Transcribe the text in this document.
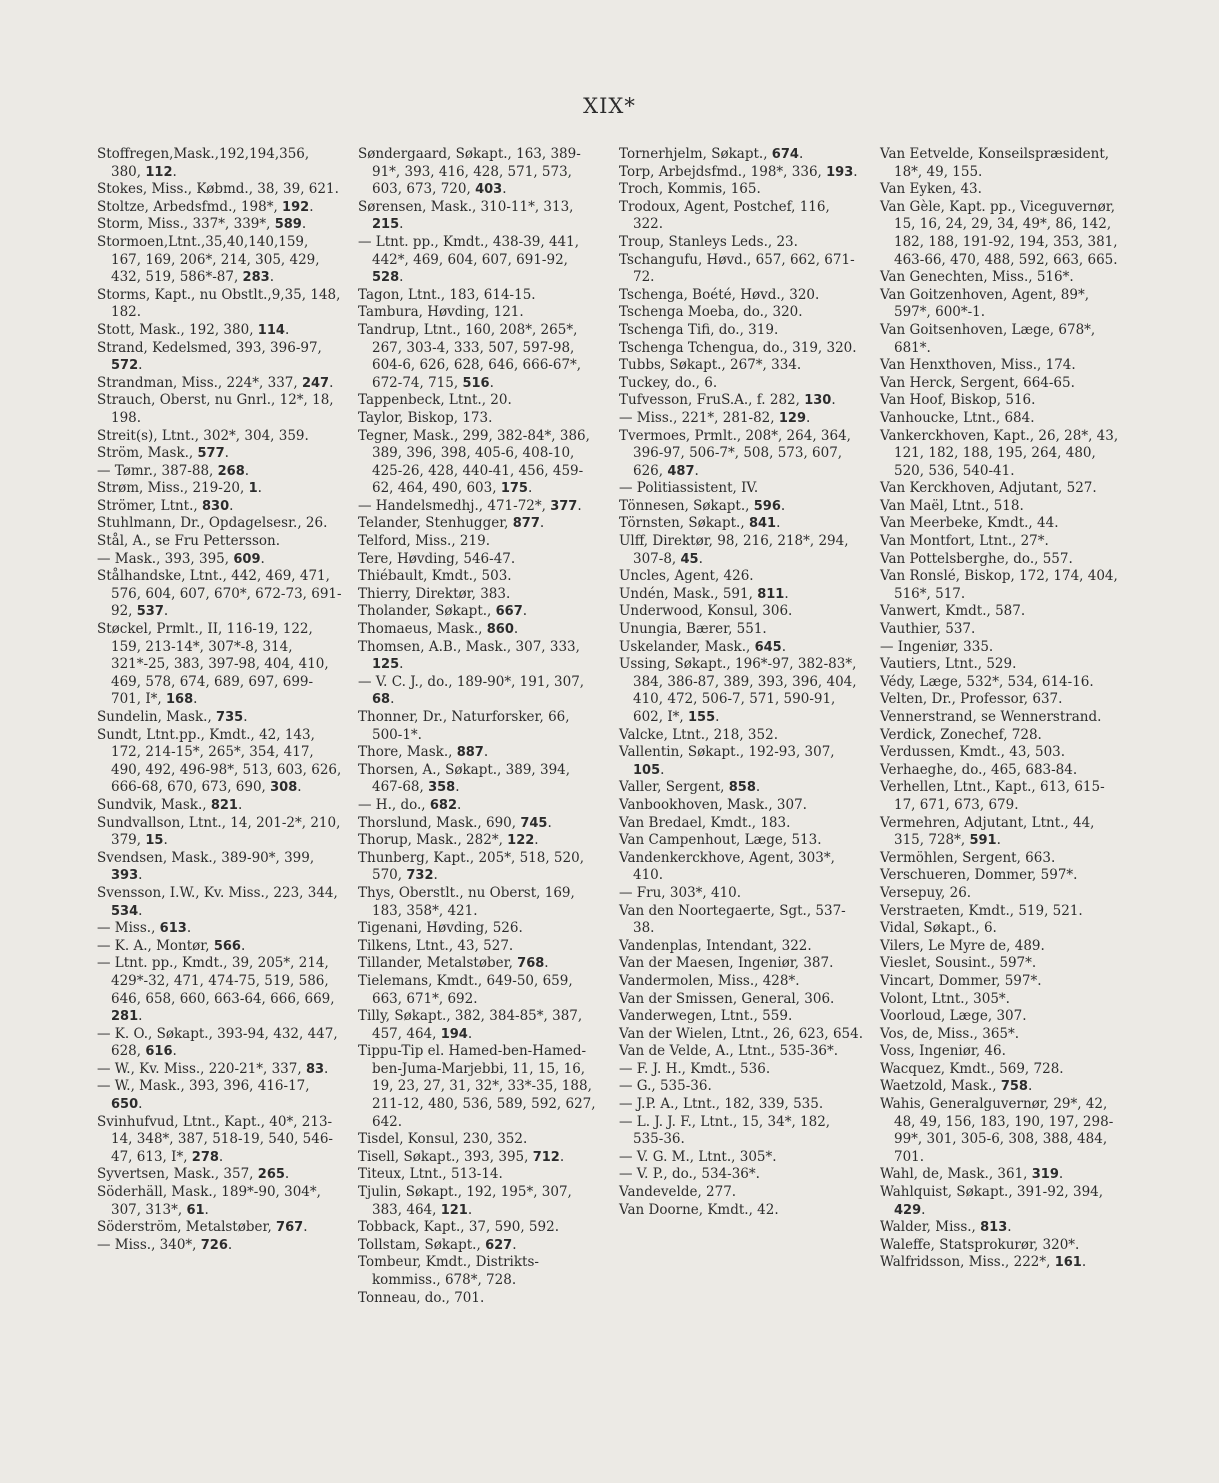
XIX*
Stoffregen,Mask.,192,194,356, 380, 112.
Stokes, Miss., Købmd., 38, 39, 621.
Stoltze, Arbedsfmd., 198*, 192.
Storm, Miss., 337*, 339*, 589.
Stormoen,Ltnt.,35,40,140,159, 167, 169, 206*, 214, 305, 429, 432, 519, 586*-87, 283.
Storms, Kapt., nu Obstlt.,9,35, 148, 182.
Stott, Mask., 192, 380, 114.
Strand, Kedelsmed, 393, 396-97, 572.
Strandman, Miss., 224*, 337, 247.
Strauch, Oberst, nu Gnrl., 12*, 18, 198.
Streit(s), Ltnt., 302*, 304, 359.
Ström, Mask., 577.
— Tømr., 387-88, 268.
Strøm, Miss., 219-20, 1.
Strömer, Ltnt., 830.
Stuhlmann, Dr., Opdagelsesr., 26.
Stål, A., se Fru Pettersson.
— Mask., 393, 395, 609.
Stålhandske, Ltnt., 442, 469, 471, 576, 604, 607, 670*, 672-73, 691-92, 537.
Støckel, Prmlt., II, 116-19, 122, 159, 213-14*, 307*-8, 314, 321*-25, 383, 397-98, 404, 410, 469, 578, 674, 689, 697, 699-701, I*, 168.
Sundelin, Mask., 735.
Sundt, Ltnt.pp., Kmdt., 42, 143, 172, 214-15*, 265*, 354, 417, 490, 492, 496-98*, 513, 603, 626, 666-68, 670, 673, 690, 308.
Sundvik, Mask., 821.
Sundvallson, Ltnt., 14, 201-2*, 210, 379, 15.
Svendsen, Mask., 389-90*, 399, 393.
Svensson, I.W., Kv. Miss., 223, 344, 534.
— Miss., 613.
— K. A., Montør, 566.
— Ltnt. pp., Kmdt., 39, 205*, 214, 429*-32, 471, 474-75, 519, 586, 646, 658, 660, 663-64, 666, 669, 281.
— K. O., Søkapt., 393-94, 432, 447, 628, 616.
— W., Kv. Miss., 220-21*, 337, 83.
— W., Mask., 393, 396, 416-17, 650.
Svinhufvud, Ltnt., Kapt., 40*, 213-14, 348*, 387, 518-19, 540, 546-47, 613, I*, 278.
Syvertsen, Mask., 357, 265.
Söderhäll, Mask., 189*-90, 304*, 307, 313*, 61.
Söderström, Metalstøber, 767.
— Miss., 340*, 726.
Søndergaard, Søkapt., 163, 389-91*, 393, 416, 428, 571, 573, 603, 673, 720, 403.
Sørensen, Mask., 310-11*, 313, 215.
— Ltnt. pp., Kmdt., 438-39, 441, 442*, 469, 604, 607, 691-92, 528.
Tagon, Ltnt., 183, 614-15.
Tambura, Høvding, 121.
Tandrup, Ltnt., 160, 208*, 265*, 267, 303-4, 333, 507, 597-98, 604-6, 626, 628, 646, 666-67*, 672-74, 715, 516.
Tappenbeck, Ltnt., 20.
Taylor, Biskop, 173.
Tegner, Mask., 299, 382-84*, 386, 389, 396, 398, 405-6, 408-10, 425-26, 428, 440-41, 456, 459-62, 464, 490, 603, 175.
— Handelsmedhj., 471-72*, 377.
Telander, Stenhugger, 877.
Telford, Miss., 219.
Tere, Høvding, 546-47.
Thiébault, Kmdt., 503.
Thierry, Direktør, 383.
Tholander, Søkapt., 667.
Thomaeus, Mask., 860.
Thomsen, A.B., Mask., 307, 333, 125.
— V. C. J., do., 189-90*, 191, 307, 68.
Thonner, Dr., Naturforsker, 66, 500-1*.
Thore, Mask., 887.
Thorsen, A., Søkapt., 389, 394, 467-68, 358.
— H., do., 682.
Thorslund, Mask., 690, 745.
Thorup, Mask., 282*, 122.
Thunberg, Kapt., 205*, 518, 520, 570, 732.
Thys, Oberstlt., nu Oberst, 169, 183, 358*, 421.
Tigenani, Høvding, 526.
Tilkens, Ltnt., 43, 527.
Tillander, Metalstøber, 768.
Tielemans, Kmdt., 649-50, 659, 663, 671*, 692.
Tilly, Søkapt., 382, 384-85*, 387, 457, 464, 194.
Tippu-Tip el. Hamed-ben-Hamed-ben-Juma-Marjebbi, 11, 15, 16, 19, 23, 27, 31, 32*, 33*-35, 188, 211-12, 480, 536, 589, 592, 627, 642.
Tisdel, Konsul, 230, 352.
Tisell, Søkapt., 393, 395, 712.
Titeux, Ltnt., 513-14.
Tjulin, Søkapt., 192, 195*, 307, 383, 464, 121.
Tobback, Kapt., 37, 590, 592.
Tollstam, Søkapt., 627.
Tombeur, Kmdt., Distrikts-kommiss., 678*, 728.
Tonneau, do., 701.
Tornerhjelm, Søkapt., 674.
Torp, Arbejdsfmd., 198*, 336, 193.
Troch, Kommis, 165.
Trodoux, Agent, Postchef, 116, 322.
Troup, Stanleys Leds., 23.
Tschangufu, Høvd., 657, 662, 671-72.
Tschenga, Boété, Høvd., 320.
Tschenga Moeba, do., 320.
Tschenga Tifi, do., 319.
Tschenga Tchengua, do., 319, 320.
Tubbs, Søkapt., 267*, 334.
Tuckey, do., 6.
Tufvesson, FruS.A., f. 282, 130.
— Miss., 221*, 281-82, 129.
Tvermoes, Prmlt., 208*, 264, 364, 396-97, 506-7*, 508, 573, 607, 626, 487.
— Politiassistent, IV.
Tönnesen, Søkapt., 596.
Törnsten, Søkapt., 841.
Ulff, Direktør, 98, 216, 218*, 294, 307-8, 45.
Uncles, Agent, 426.
Undén, Mask., 591, 811.
Underwood, Konsul, 306.
Unungia, Bærer, 551.
Uskelander, Mask., 645.
Ussing, Søkapt., 196*-97, 382-83*, 384, 386-87, 389, 393, 396, 404, 410, 472, 506-7, 571, 590-91, 602, I*, 155.
Valcke, Ltnt., 218, 352.
Vallentin, Søkapt., 192-93, 307, 105.
Valler, Sergent, 858.
Vanbookhoven, Mask., 307.
Van Bredael, Kmdt., 183.
Van Campenhout, Læge, 513.
Vandenkerckhove, Agent, 303*, 410.
— Fru, 303*, 410.
Van den Noortegaerte, Sgt., 537-38.
Vandenplas, Intendant, 322.
Van der Maesen, Ingeniør, 387.
Vandermolen, Miss., 428*.
Van der Smissen, General, 306.
Vanderwegen, Ltnt., 559.
Van der Wielen, Ltnt., 26, 623, 654.
Van de Velde, A., Ltnt., 535-36*.
— F. J. H., Kmdt., 536.
— G., 535-36.
— J.P. A., Ltnt., 182, 339, 535.
— L. J. J. F., Ltnt., 15, 34*, 182, 535-36.
— V. G. M., Ltnt., 305*.
— V. P., do., 534-36*.
Vandevelde, 277.
Van Doorne, Kmdt., 42.
Van Eetvelde, Konseilspræsident, 18*, 49, 155.
Van Eyken, 43.
Van Gèle, Kapt. pp., Viceguvernør, 15, 16, 24, 29, 34, 49*, 86, 142, 182, 188, 191-92, 194, 353, 381, 463-66, 470, 488, 592, 663, 665.
Van Genechten, Miss., 516*.
Van Goitzenhoven, Agent, 89*, 597*, 600*-1.
Van Goitsenhoven, Læge, 678*, 681*.
Van Henxthoven, Miss., 174.
Van Herck, Sergent, 664-65.
Van Hoof, Biskop, 516.
Vanhoucke, Ltnt., 684.
Vankerckhoven, Kapt., 26, 28*, 43, 121, 182, 188, 195, 264, 480, 520, 536, 540-41.
Van Kerckhoven, Adjutant, 527.
Van Maël, Ltnt., 518.
Van Meerbeke, Kmdt., 44.
Van Montfort, Ltnt., 27*.
Van Pottelsberghe, do., 557.
Van Ronslé, Biskop, 172, 174, 404, 516*, 517.
Vanwert, Kmdt., 587.
Vauthier, 537.
— Ingeniør, 335.
Vautiers, Ltnt., 529.
Védy, Læge, 532*, 534, 614-16.
Velten, Dr., Professor, 637.
Vennerstrand, se Wennerstrand.
Verdick, Zonechef, 728.
Verdussen, Kmdt., 43, 503.
Verhaeghe, do., 465, 683-84.
Verhellen, Ltnt., Kapt., 613, 615-17, 671, 673, 679.
Vermehren, Adjutant, Ltnt., 44, 315, 728*, 591.
Vermöhlen, Sergent, 663.
Verschueren, Dommer, 597*.
Versepuy, 26.
Verstraeten, Kmdt., 519, 521.
Vidal, Søkapt., 6.
Vilers, Le Myre de, 489.
Vieslet, Sousint., 597*.
Vincart, Dommer, 597*.
Volont, Ltnt., 305*.
Voorloud, Læge, 307.
Vos, de, Miss., 365*.
Voss, Ingeniør, 46.
Wacquez, Kmdt., 569, 728.
Waetzold, Mask., 758.
Wahis, Generalguvernør, 29*, 42, 48, 49, 156, 183, 190, 197, 298-99*, 301, 305-6, 308, 388, 484, 701.
Wahl, de, Mask., 361, 319.
Wahlquist, Søkapt., 391-92, 394, 429.
Walder, Miss., 813.
Waleffe, Statsprokurør, 320*.
Walfridsson, Miss., 222*, 161.
